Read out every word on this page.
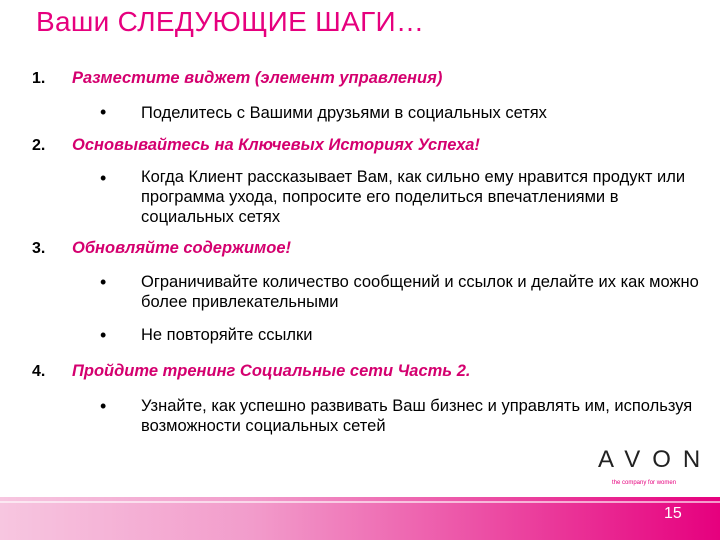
Ваши СЛЕДУЮЩИЕ ШАГИ…
1. Разместите виджет (элемент управления)
• Поделитесь с Вашими друзьями в социальных сетях
2. Основывайтесь на Ключевых Историях Успеха!
• Когда Клиент рассказывает Вам, как сильно ему нравится продукт или программа ухода, попросите его поделиться впечатлениями в социальных сетях
3. Обновляйте содержимое!
• Ограничивайте количество сообщений и ссылок и делайте их как можно более привлекательными
• Не повторяйте ссылки
4. Пройдите тренинг Социальные сети Часть 2.
• Узнайте, как успешно развивать Ваш бизнес и управлять им, используя возможности социальных сетей
AVON
the company for women
15
